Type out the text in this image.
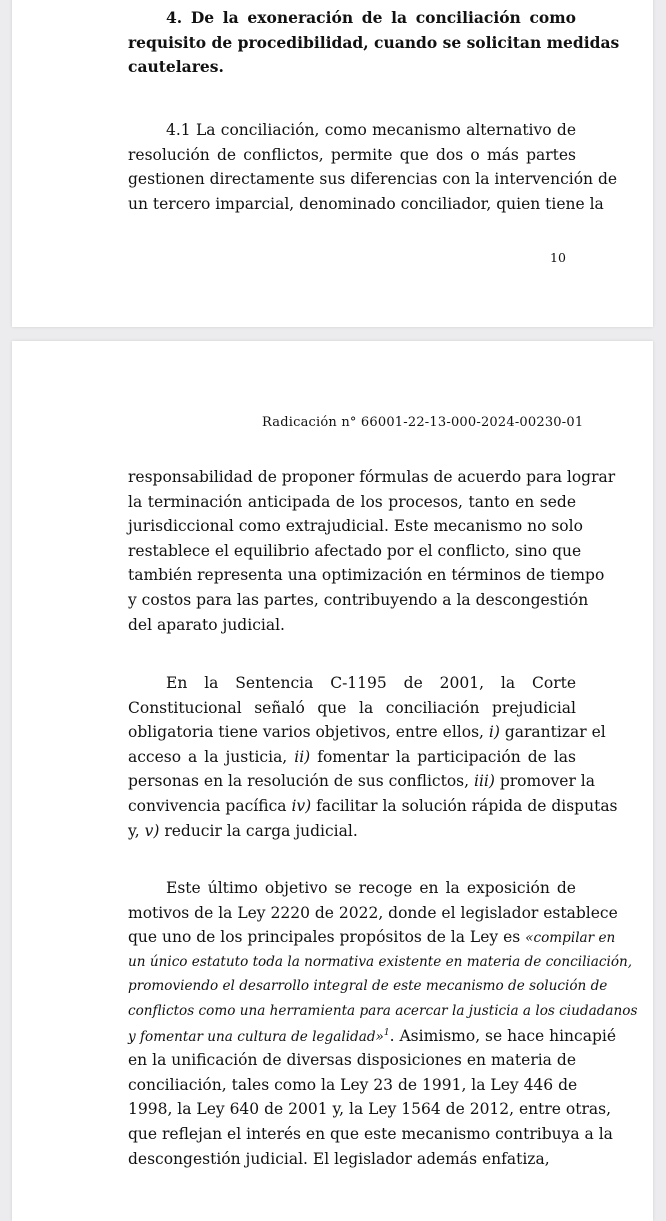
4. De la exoneración de la conciliación como
requisito de procedibilidad, cuando se solicitan medidas
cautelares.
4.1 La conciliación, como mecanismo alternativo de
resolución de conflictos, permite que dos o más partes
gestionen directamente sus diferencias con la intervención de
un tercero imparcial, denominado conciliador, quien tiene la
10
Radicación n° 66001-22-13-000-2024-00230-01
responsabilidad de proponer fórmulas de acuerdo para lograr
la terminación anticipada de los procesos, tanto en sede
jurisdiccional como extrajudicial. Este mecanismo no solo
restablece el equilibrio afectado por el conflicto, sino que
también representa una optimización en términos de tiempo
y costos para las partes, contribuyendo a la descongestión
del aparato judicial.
En la Sentencia C-1195 de 2001, la Corte
Constitucional señaló que la conciliación prejudicial
obligatoria tiene varios objetivos, entre ellos, i) garantizar el
acceso a la justicia, ii) fomentar la participación de las
personas en la resolución de sus conflictos, iii) promover la
convivencia pacífica iv) facilitar la solución rápida de disputas
y, v) reducir la carga judicial.
Este último objetivo se recoge en la exposición de
motivos de la Ley 2220 de 2022, donde el legislador establece
que uno de los principales propósitos de la Ley es «compilar en
un único estatuto toda la normativa existente en materia de conciliación,
promoviendo el desarrollo integral de este mecanismo de solución de
conflictos como una herramienta para acercar la justicia a los ciudadanos
y fomentar una cultura de legalidad»$^1$. Asimismo, se hace hincapié
en la unificación de diversas disposiciones en materia de
conciliación, tales como la Ley 23 de 1991, la Ley 446 de
1998, la Ley 640 de 2001 y, la Ley 1564 de 2012, entre otras,
que reflejan el interés en que este mecanismo contribuya a la
descongestión judicial. El legislador además enfatiza,
